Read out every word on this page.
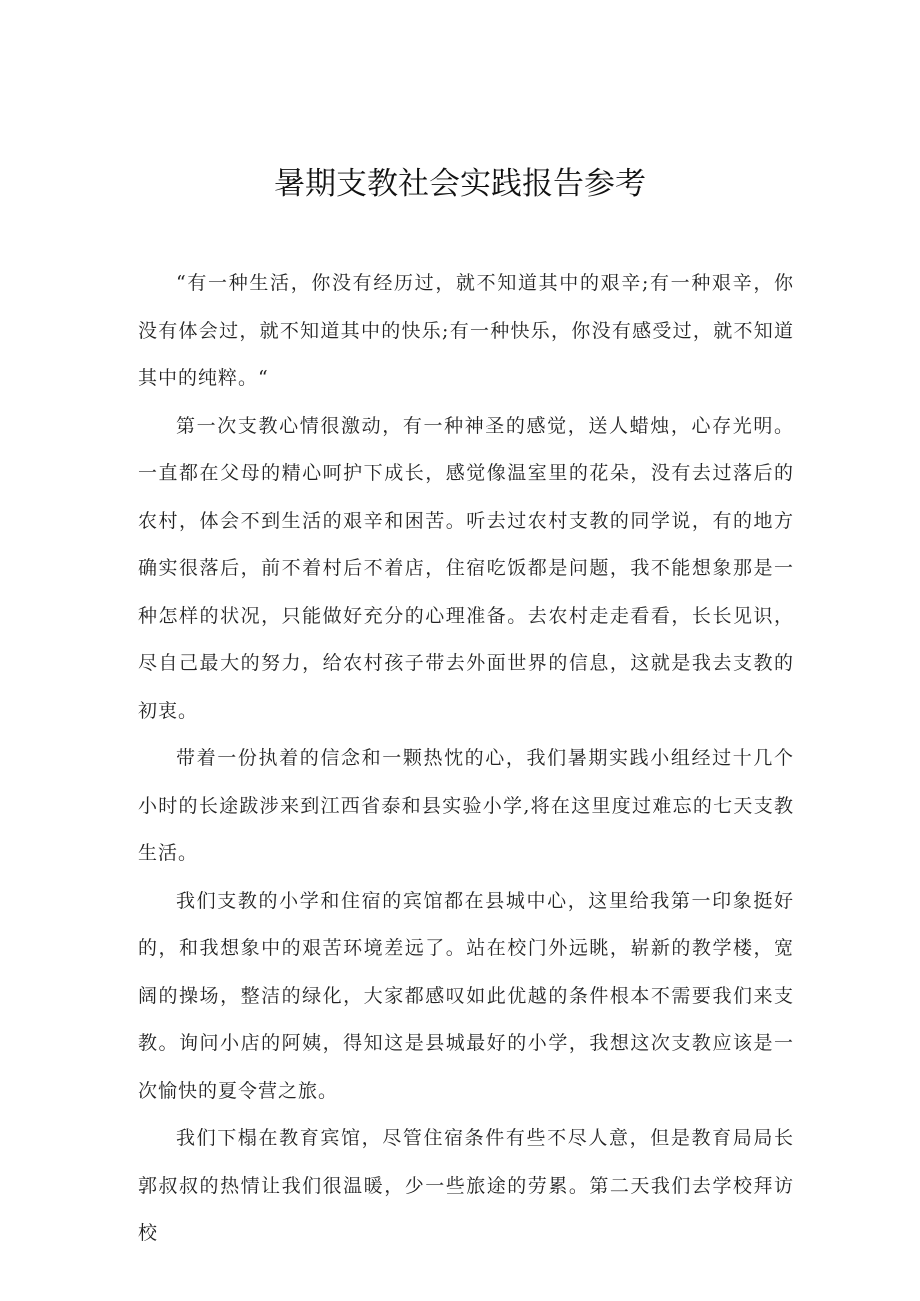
暑期支教社会实践报告参考

“有一种生活，你没有经历过，就不知道其中的艰辛;有一种艰辛，你没有体会过，就不知道其中的快乐;有一种快乐，你没有感受过，就不知道其中的纯粹。“

第一次支教心情很激动，有一种神圣的感觉，送人蜡烛，心存光明。一直都在父母的精心呵护下成长，感觉像温室里的花朵，没有去过落后的农村，体会不到生活的艰辛和困苦。听去过农村支教的同学说，有的地方确实很落后，前不着村后不着店，住宿吃饭都是问题，我不能想象那是一种怎样的状况，只能做好充分的心理准备。去农村走走看看，长长见识，尽自己最大的努力，给农村孩子带去外面世界的信息，这就是我去支教的初衷。

带着一份执着的信念和一颗热忱的心，我们暑期实践小组经过十几个小时的长途跋涉来到江西省泰和县实验小学,将在这里度过难忘的七天支教生活。

我们支教的小学和住宿的宾馆都在县城中心，这里给我第一印象挺好的，和我想象中的艰苦环境差远了。站在校门外远眺，崭新的教学楼，宽阔的操场，整洁的绿化，大家都感叹如此优越的条件根本不需要我们来支教。询问小店的阿姨，得知这是县城最好的小学，我想这次支教应该是一次愉快的夏令营之旅。

我们下榻在教育宾馆，尽管住宿条件有些不尽人意，但是教育局局长郭叔叔的热情让我们很温暖，少一些旅途的劳累。第二天我们去学校拜访校
